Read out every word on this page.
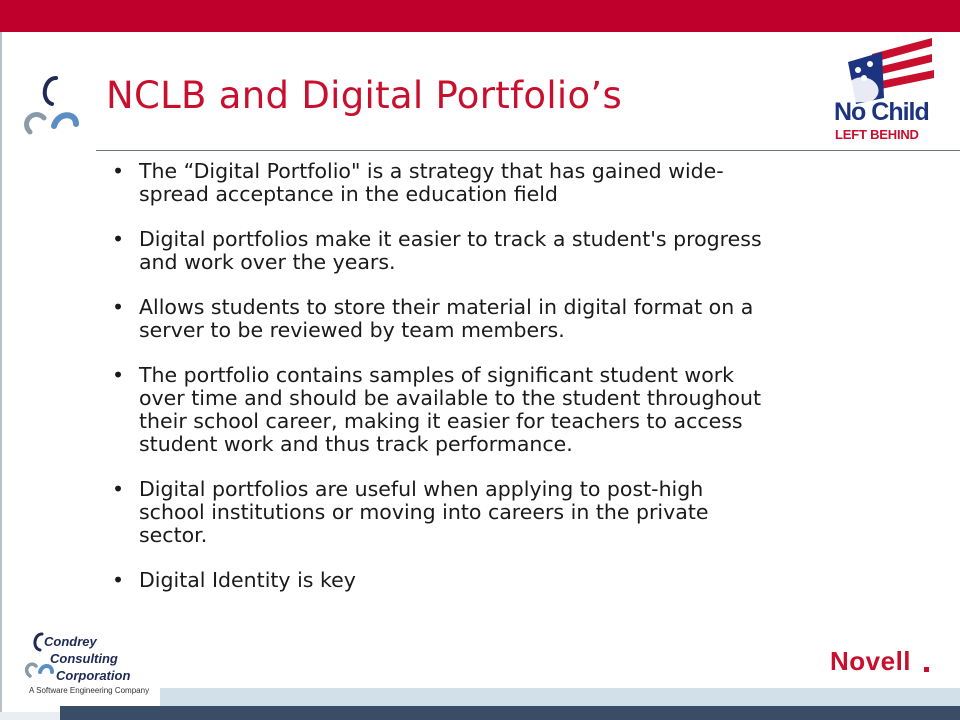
NCLB and Digital Portfolio’s	No Child
LEFT BEHIND
• The “Digital Portfolio" is a strategy that has gained wide-
spread acceptance in the education field
• Digital portfolios make it easier to track a student's progress
and work over the years.
• Allows students to store their material in digital format on a
server to be reviewed by team members.
• The portfolio contains samples of significant student work
over time and should be available to the student throughout
their school career, making it easier for teachers to access
student work and thus track performance.
• Digital portfolios are useful when applying to post-high
school institutions or moving into careers in the private
sector.
• Digital Identity is key
Condrey
Consulting
Corporation
A Software Engineering Company
Novell
